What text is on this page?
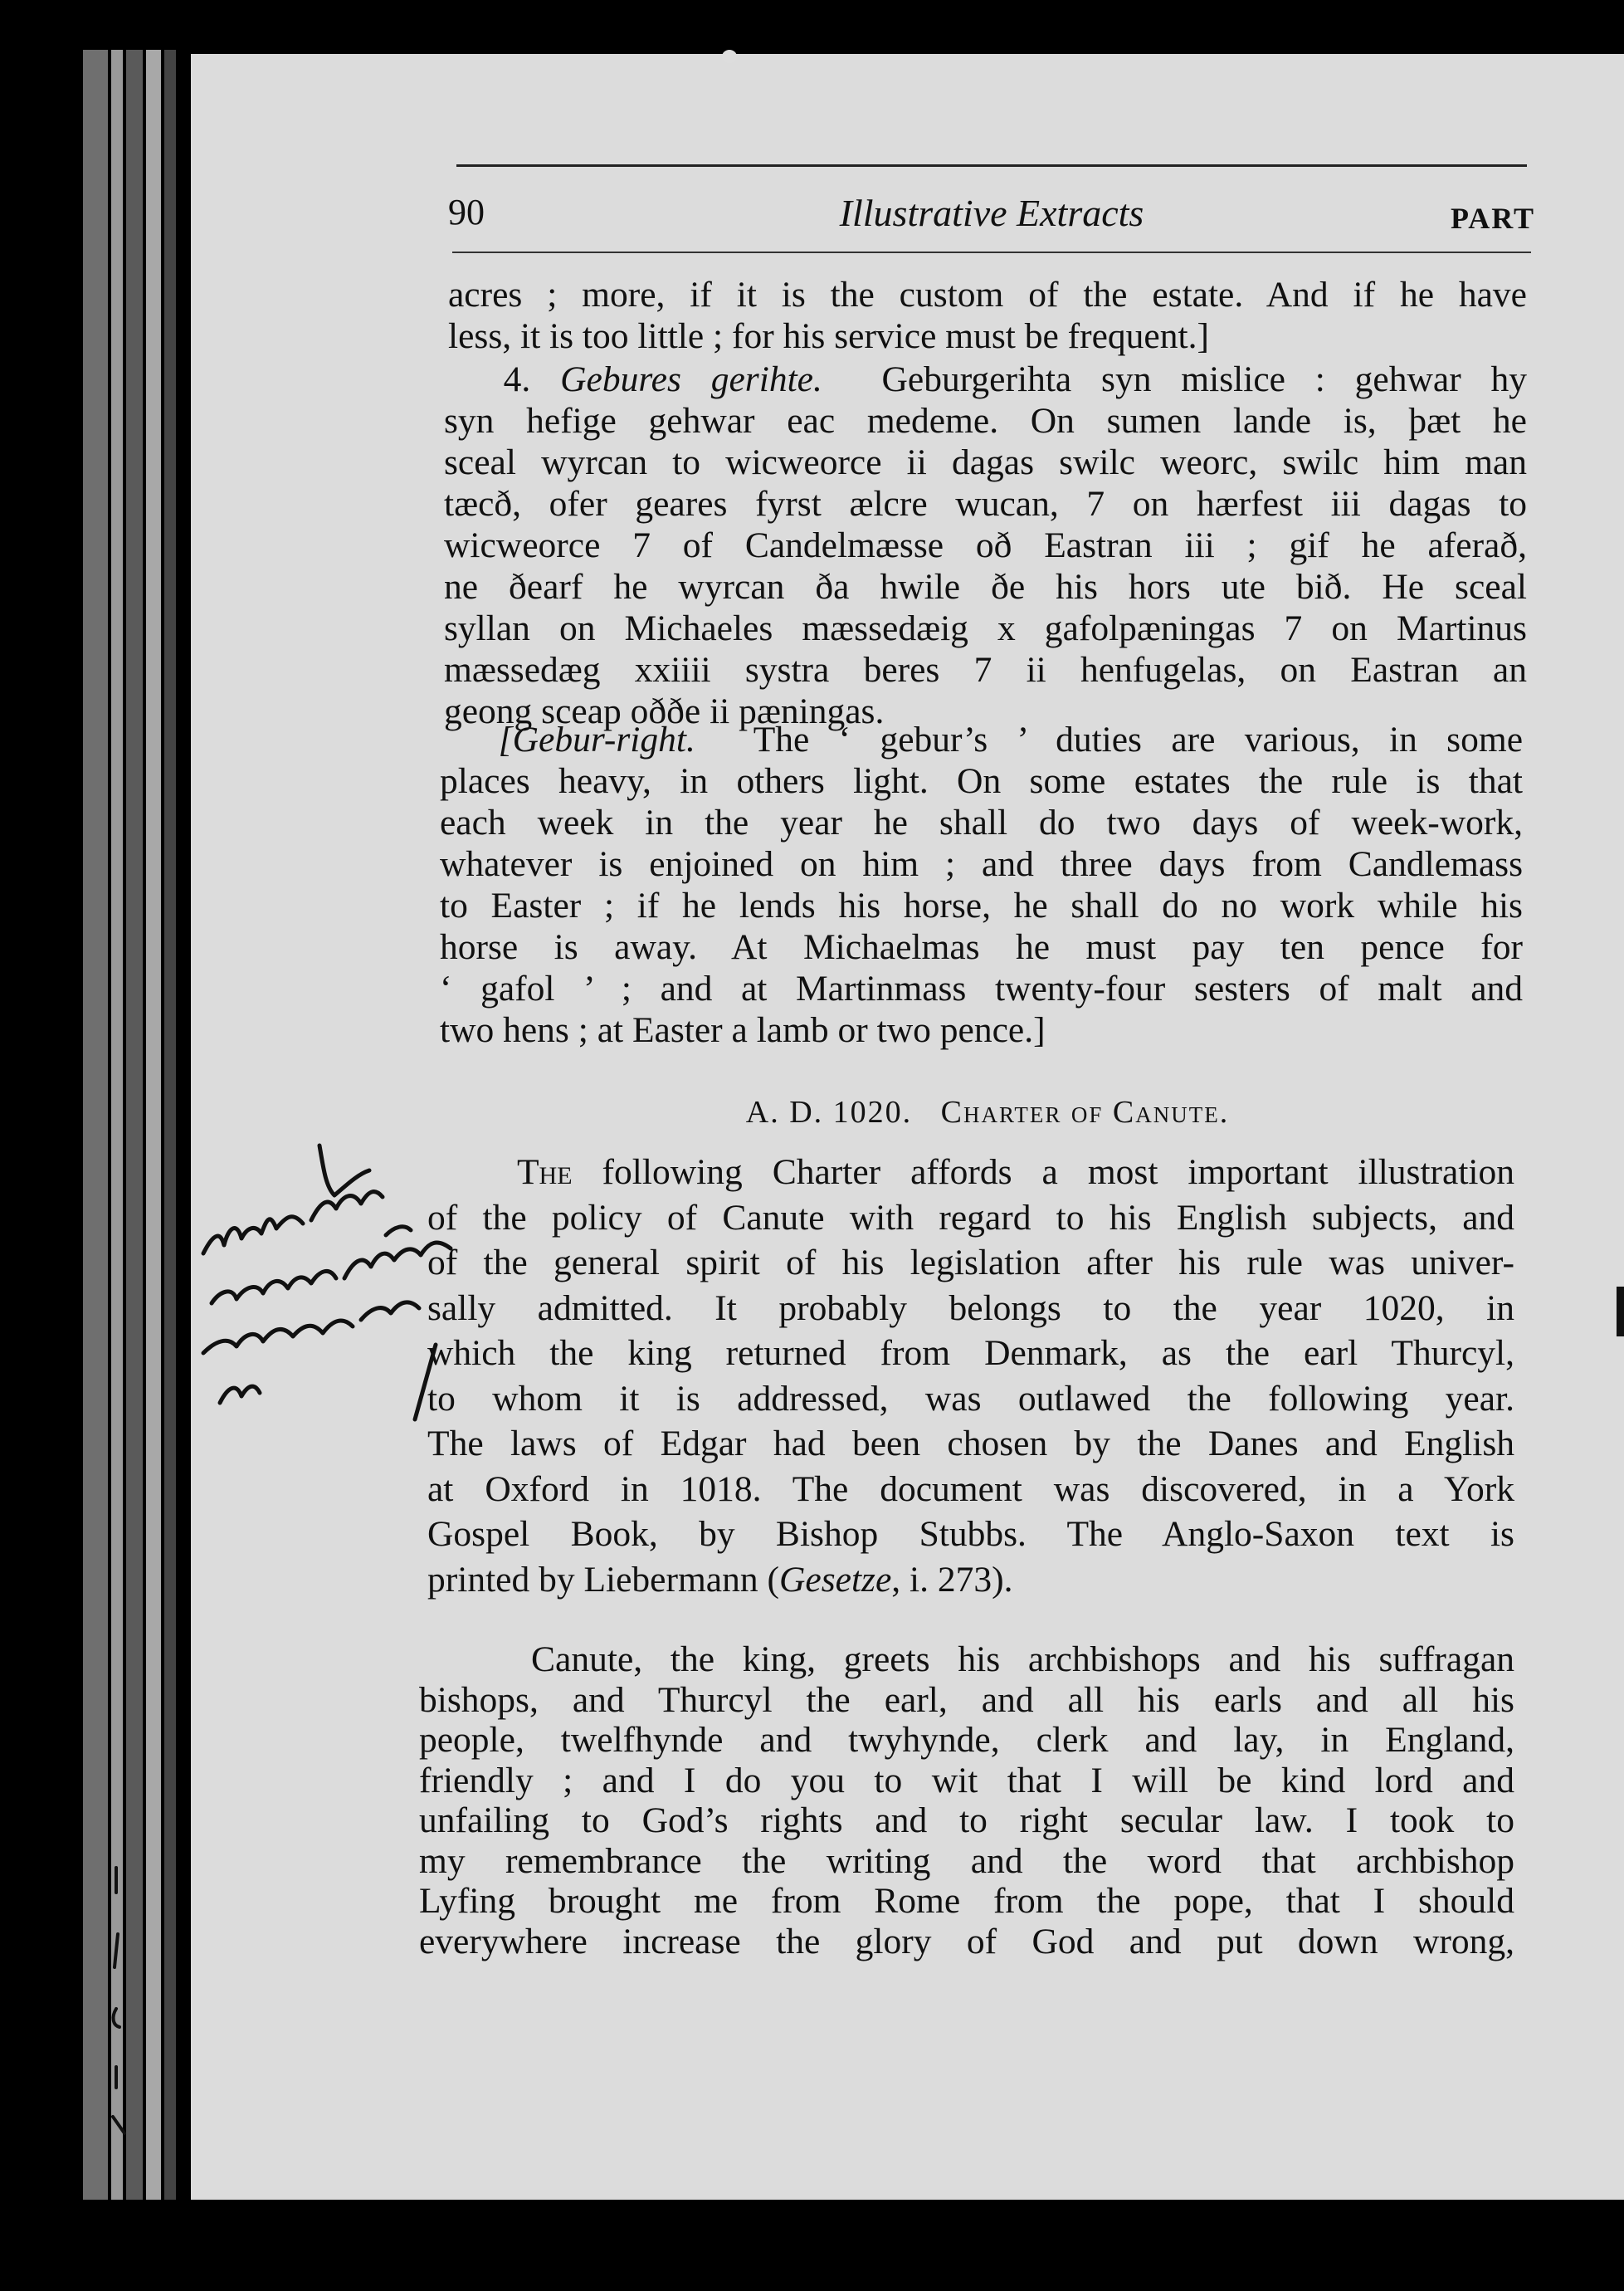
90	Illustrative Extracts	PART
acres ; more, if it is the custom of the estate. And if he have
less, it is too little ; for his service must be frequent.]
4. Gebures gerihte. Geburgerihta syn mislice : gehwar hy
syn hefige gehwar eac medeme. On sumen lande is, þæt he
sceal wyrcan to wicweorce ii dagas swilc weorc, swilc him man
tæcð, ofer geares fyrst ælcre wucan, 7 on hærfest iii dagas to
wicweorce 7 of Candelmæsse oð Eastran iii ; gif he aferað,
ne ðearf he wyrcan ða hwile ðe his hors ute bið. He sceal
syllan on Michaeles mæssedæig x gafolpæningas 7 on Martinus
mæssedæg xxiiii systra beres 7 ii henfugelas, on Eastran an
geong sceap oððe ii pæningas.
[Gebur-right. The ‘ gebur’s ’ duties are various, in some
places heavy, in others light. On some estates the rule is that
each week in the year he shall do two days of week-work,
whatever is enjoined on him ; and three days from Candlemass
to Easter ; if he lends his horse, he shall do no work while his
horse is away. At Michaelmas he must pay ten pence for
‘ gafol ’ ; and at Martinmass twenty-four sesters of malt and
two hens ; at Easter a lamb or two pence.]
A. D. 1020. Charter of Canute.
The following Charter affords a most important illustration
of the policy of Canute with regard to his English subjects, and
of the general spirit of his legislation after his rule was univer-
sally admitted. It probably belongs to the year 1020, in
which the king returned from Denmark, as the earl Thurcyl,
to whom it is addressed, was outlawed the following year.
The laws of Edgar had been chosen by the Danes and English
at Oxford in 1018. The document was discovered, in a York
Gospel Book, by Bishop Stubbs. The Anglo-Saxon text is
printed by Liebermann (Gesetze, i. 273).
Canute, the king, greets his archbishops and his suffragan
bishops, and Thurcyl the earl, and all his earls and all his
people, twelfhynde and twyhynde, clerk and lay, in England,
friendly ; and I do you to wit that I will be kind lord and
unfailing to God’s rights and to right secular law. I took to
my remembrance the writing and the word that archbishop
Lyfing brought me from Rome from the pope, that I should
everywhere increase the glory of God and put down wrong,
